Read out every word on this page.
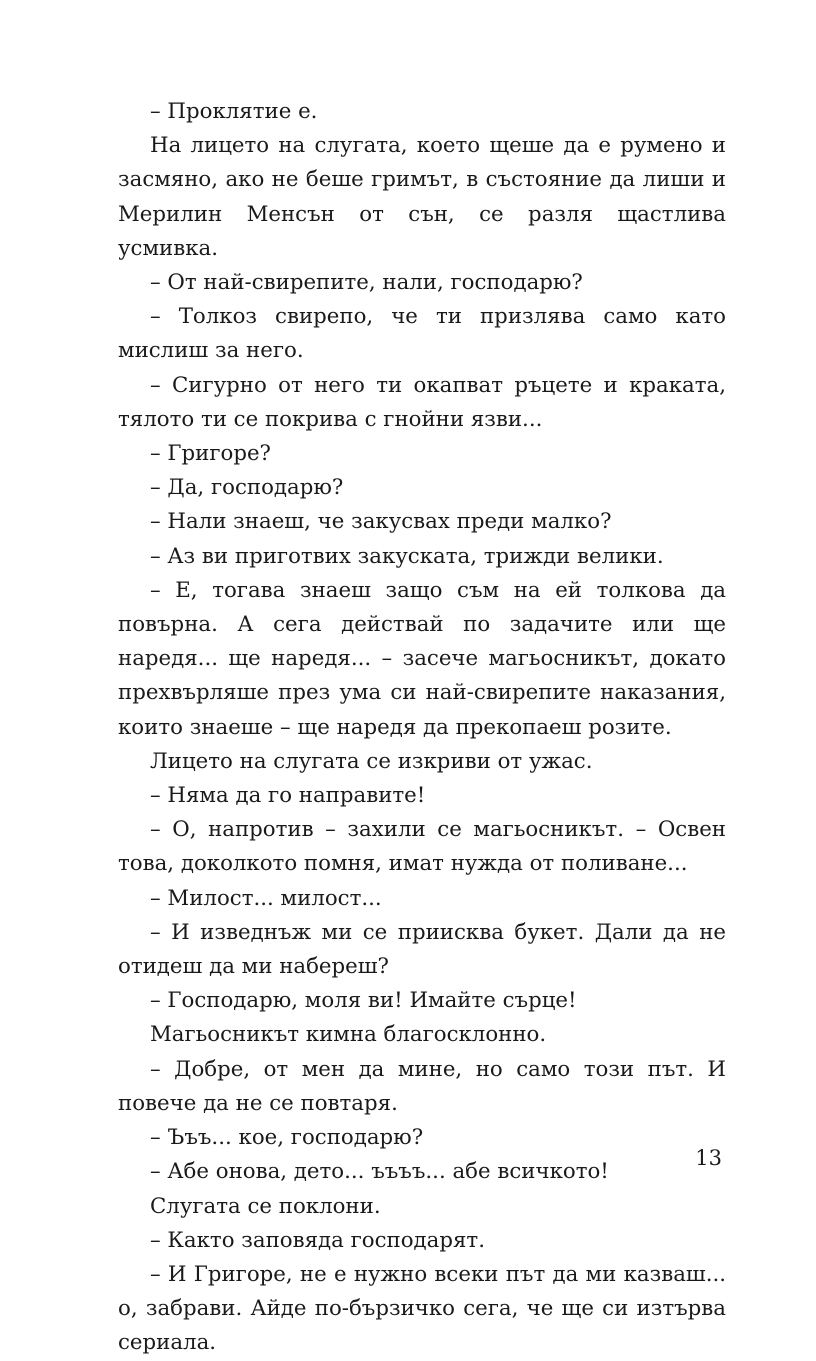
– Проклятие е.

На лицето на слугата, което щеше да е румено и засмяно, ако не беше гримът, в състояние да лиши и Мерилин Менсън от сън, се разля щастлива усмивка.

– От най-свирепите, нали, господарю?

– Толкоз свирепо, че ти призлява само като мислиш за него.

– Сигурно от него ти окапват ръцете и краката, тялото ти се покрива с гнойни язви...

– Григоре?

– Да, господарю?

– Нали знаеш, че закусвах преди малко?

– Аз ви приготвих закуската, трижди велики.

– Е, тогава знаеш защо съм на ей толкова да повърна. А сега действай по задачите или ще наредя... ще наредя... – засече магьосникът, докато прехвърляше през ума си най-свирепите наказания, които знаеше – ще наредя да прекопаеш розите.

Лицето на слугата се изкриви от ужас.

– Няма да го направите!

– О, напротив – захили се магьосникът. – Освен това, доколкото помня, имат нужда от поливане...

– Милост... милост...

– И изведнъж ми се приисква букет. Дали да не отидеш да ми набереш?

– Господарю, моля ви! Имайте сърце!

Магьосникът кимна благосклонно.

– Добре, от мен да мине, но само този път. И повече да не се повтаря.

– Ъъъ... кое, господарю?

– Абе онова, дето... ъъъъ... абе всичкото!

Слугата се поклони.

– Както заповяда господарят.

– И Григоре, не е нужно всеки път да ми казваш... о, забрави. Айде по-бързичко сега, че ще си изтърва сериала.

13
